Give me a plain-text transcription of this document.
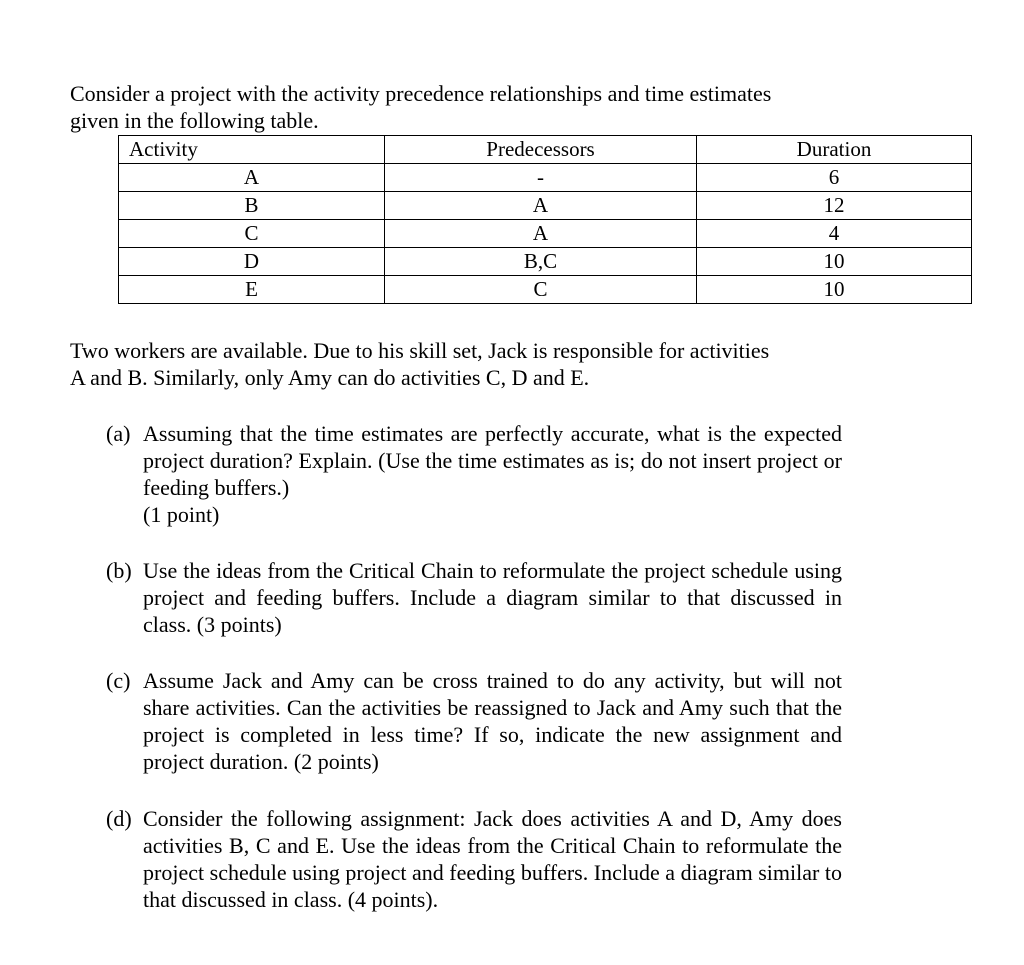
Consider a project with the activity precedence relationships and time estimates
given in the following table.

Activity	Predecessors	Duration
A	-	6
B	A	12
C	A	4
D	B,C	10
E	C	10

Two workers are available. Due to his skill set, Jack is responsible for activities
A and B. Similarly, only Amy can do activities C, D and E.

(a) Assuming that the time estimates are perfectly accurate, what is the expected project duration? Explain. (Use the time estimates as is; do not insert project or feeding buffers.)
(1 point)
(b) Use the ideas from the Critical Chain to reformulate the project schedule using project and feeding buffers. Include a diagram similar to that discussed in class. (3 points)
(c) Assume Jack and Amy can be cross trained to do any activity, but will not share activities. Can the activities be reassigned to Jack and Amy such that the project is completed in less time? If so, indicate the new assignment and project duration. (2 points)
(d) Consider the following assignment: Jack does activities A and D, Amy does activities B, C and E. Use the ideas from the Critical Chain to reformulate the project schedule using project and feeding buffers. Include a diagram similar to that discussed in class. (4 points).
